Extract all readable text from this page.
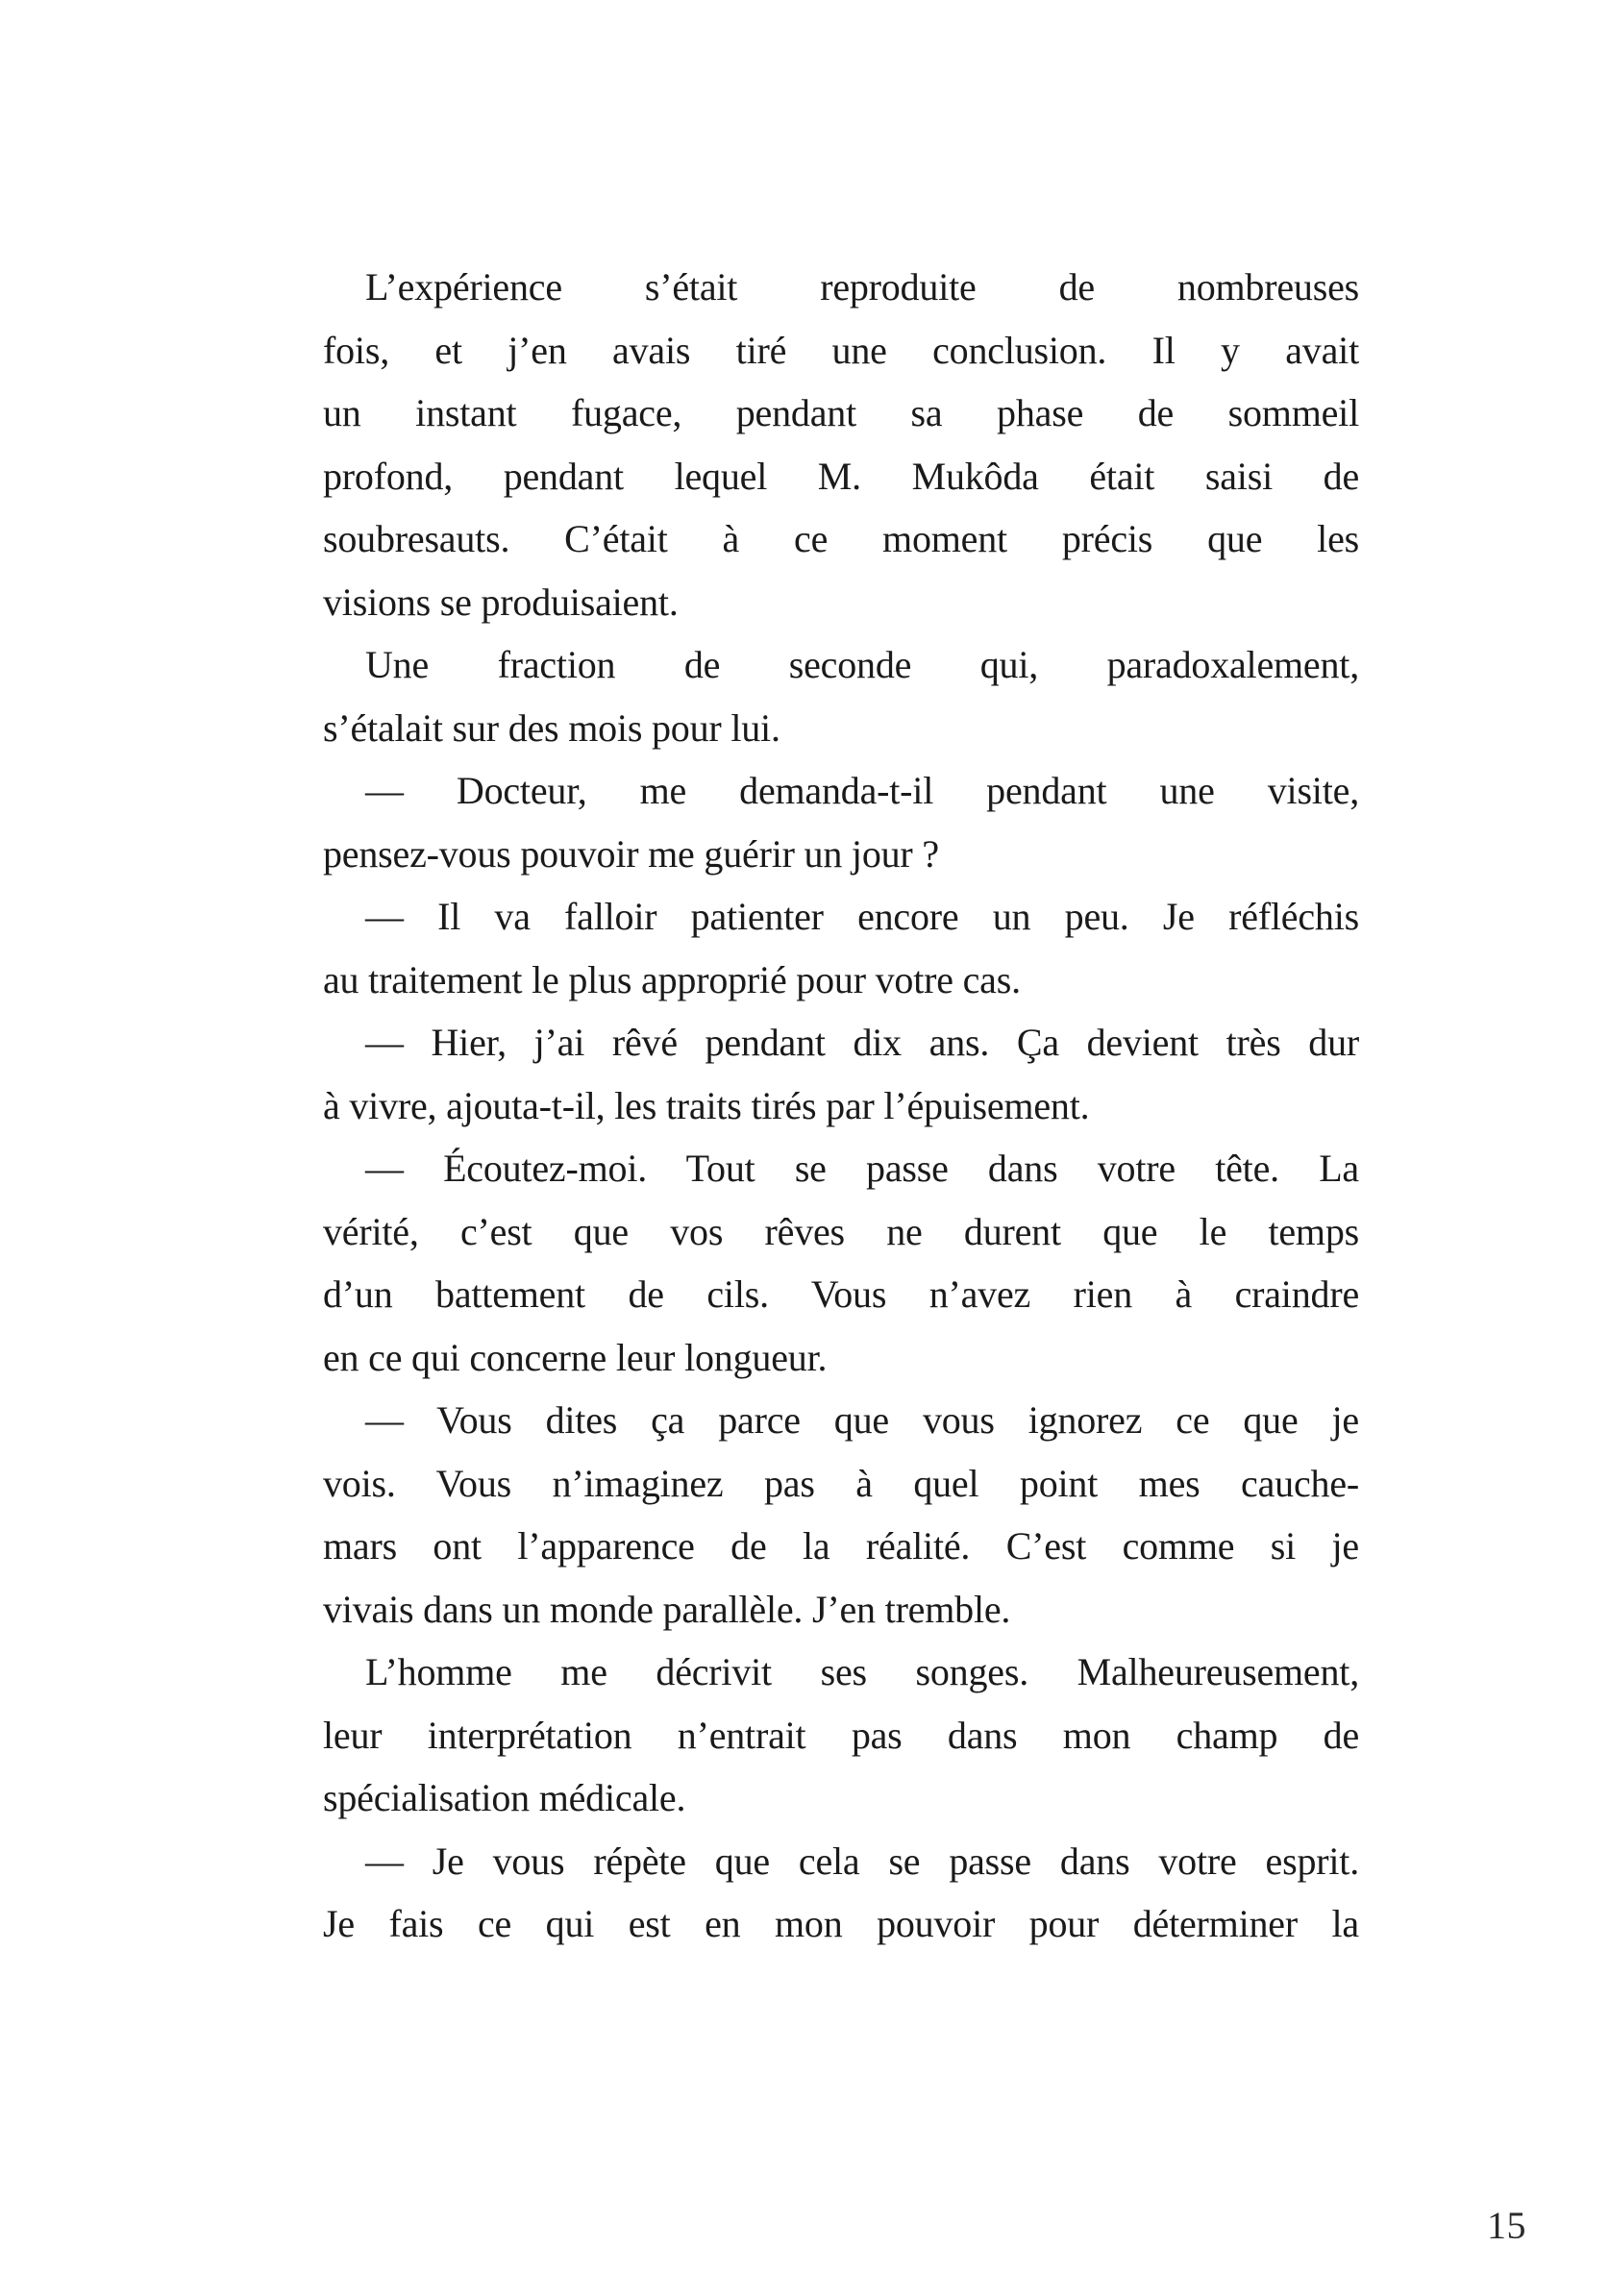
L’expérience s’était reproduite de nombreuses
fois, et j’en avais tiré une conclusion. Il y avait
un instant fugace, pendant sa phase de sommeil
profond, pendant lequel M. Mukôda était saisi de
soubresauts. C’était à ce moment précis que les
visions se produisaient.
Une fraction de seconde qui, paradoxalement,
s’étalait sur des mois pour lui.
— Docteur, me demanda-t-il pendant une visite,
pensez-vous pouvoir me guérir un jour ?
— Il va falloir patienter encore un peu. Je réfléchis
au traitement le plus approprié pour votre cas.
— Hier, j’ai rêvé pendant dix ans. Ça devient très dur
à vivre, ajouta-t-il, les traits tirés par l’épuisement.
— Écoutez-moi. Tout se passe dans votre tête. La
vérité, c’est que vos rêves ne durent que le temps
d’un battement de cils. Vous n’avez rien à craindre
en ce qui concerne leur longueur.
— Vous dites ça parce que vous ignorez ce que je
vois. Vous n’imaginez pas à quel point mes cauche-
mars ont l’apparence de la réalité. C’est comme si je
vivais dans un monde parallèle. J’en tremble.
L’homme me décrivit ses songes. Malheureusement,
leur interprétation n’entrait pas dans mon champ de
spécialisation médicale.
— Je vous répète que cela se passe dans votre esprit.
Je fais ce qui est en mon pouvoir pour déterminer la
15
